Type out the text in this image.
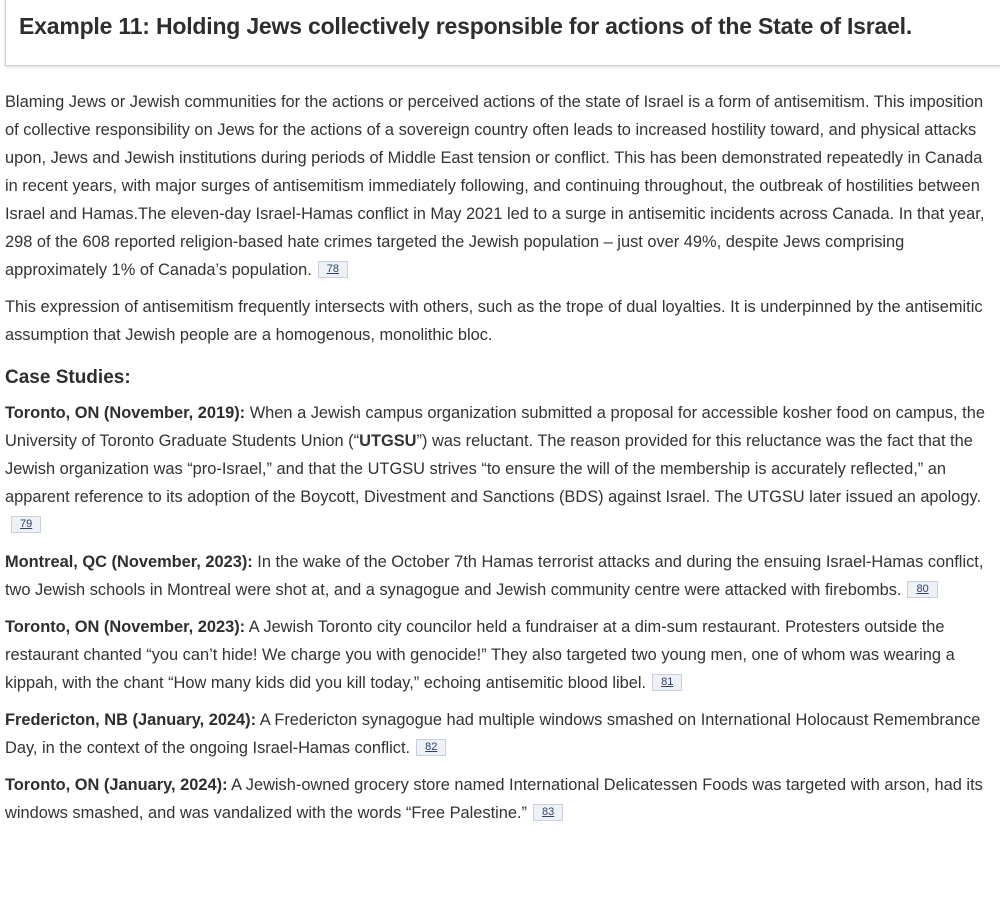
Example 11: Holding Jews collectively responsible for actions of the State of Israel.

Blaming Jews or Jewish communities for the actions or perceived actions of the state of Israel is a form of antisemitism. This imposition of collective responsibility on Jews for the actions of a sovereign country often leads to increased hostility toward, and physical attacks upon, Jews and Jewish institutions during periods of Middle East tension or conflict. This has been demonstrated repeatedly in Canada in recent years, with major surges of antisemitism immediately following, and continuing throughout, the outbreak of hostilities between Israel and Hamas.The eleven-day Israel-Hamas conflict in May 2021 led to a surge in antisemitic incidents across Canada. In that year, 298 of the 608 reported religion-based hate crimes targeted the Jewish population – just over 49%, despite Jews comprising approximately 1% of Canada’s population. 78

This expression of antisemitism frequently intersects with others, such as the trope of dual loyalties. It is underpinned by the antisemitic assumption that Jewish people are a homogenous, monolithic bloc.

Case Studies:

Toronto, ON (November, 2019): When a Jewish campus organization submitted a proposal for accessible kosher food on campus, the University of Toronto Graduate Students Union (“UTGSU”) was reluctant. The reason provided for this reluctance was the fact that the Jewish organization was “pro-Israel,” and that the UTGSU strives “to ensure the will of the membership is accurately reflected,” an apparent reference to its adoption of the Boycott, Divestment and Sanctions (BDS) against Israel. The UTGSU later issued an apology.79

Montreal, QC (November, 2023): In the wake of the October 7th Hamas terrorist attacks and during the ensuing Israel-Hamas conflict, two Jewish schools in Montreal were shot at, and a synagogue and Jewish community centre were attacked with firebombs. 80

Toronto, ON (November, 2023): A Jewish Toronto city councilor held a fundraiser at a dim-sum restaurant. Protesters outside the restaurant chanted “you can’t hide! We charge you with genocide!” They also targeted two young men, one of whom was wearing a kippah, with the chant “How many kids did you kill today,” echoing antisemitic blood libel. 81

Fredericton, NB (January, 2024): A Fredericton synagogue had multiple windows smashed on International Holocaust Remembrance Day, in the context of the ongoing Israel-Hamas conflict. 82

Toronto, ON (January, 2024): A Jewish-owned grocery store named International Delicatessen Foods was targeted with arson, had its windows smashed, and was vandalized with the words “Free Palestine.” 83
